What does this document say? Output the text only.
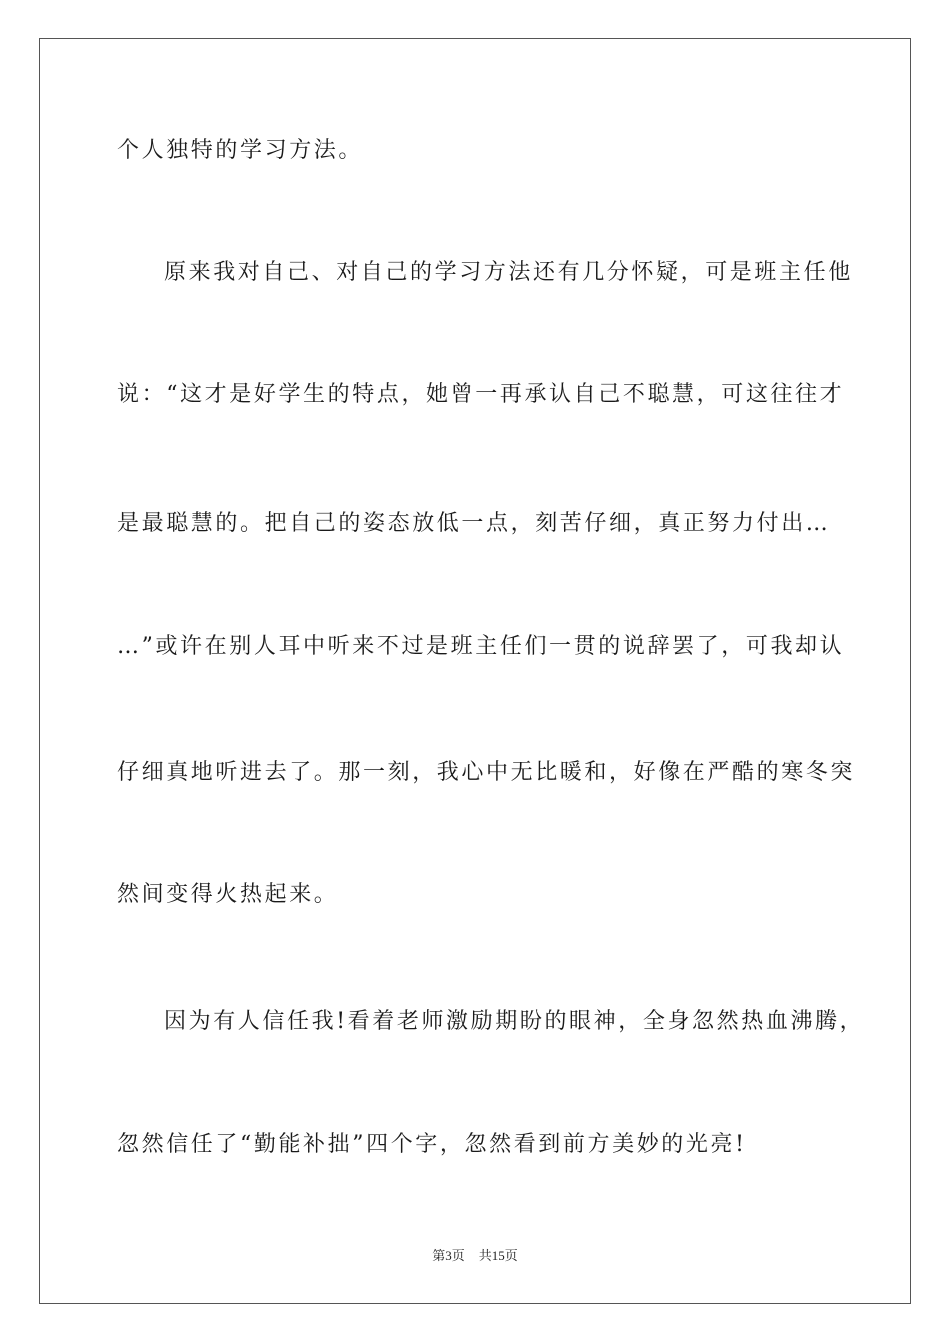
个人独特的学习方法。
原来我对自己、对自己的学习方法还有几分怀疑，可是班主任他
说：“这才是好学生的特点，她曾一再承认自己不聪慧，可这往往才
是最聪慧的。把自己的姿态放低一点，刻苦仔细，真正努力付出…
…”或许在别人耳中听来不过是班主任们一贯的说辞罢了，可我却认
仔细真地听进去了。那一刻，我心中无比暖和，好像在严酷的寒冬突
然间变得火热起来。
因为有人信任我!看着老师激励期盼的眼神，全身忽然热血沸腾，
忽然信任了“勤能补拙”四个字，忽然看到前方美妙的光亮!
第3页 共15页
